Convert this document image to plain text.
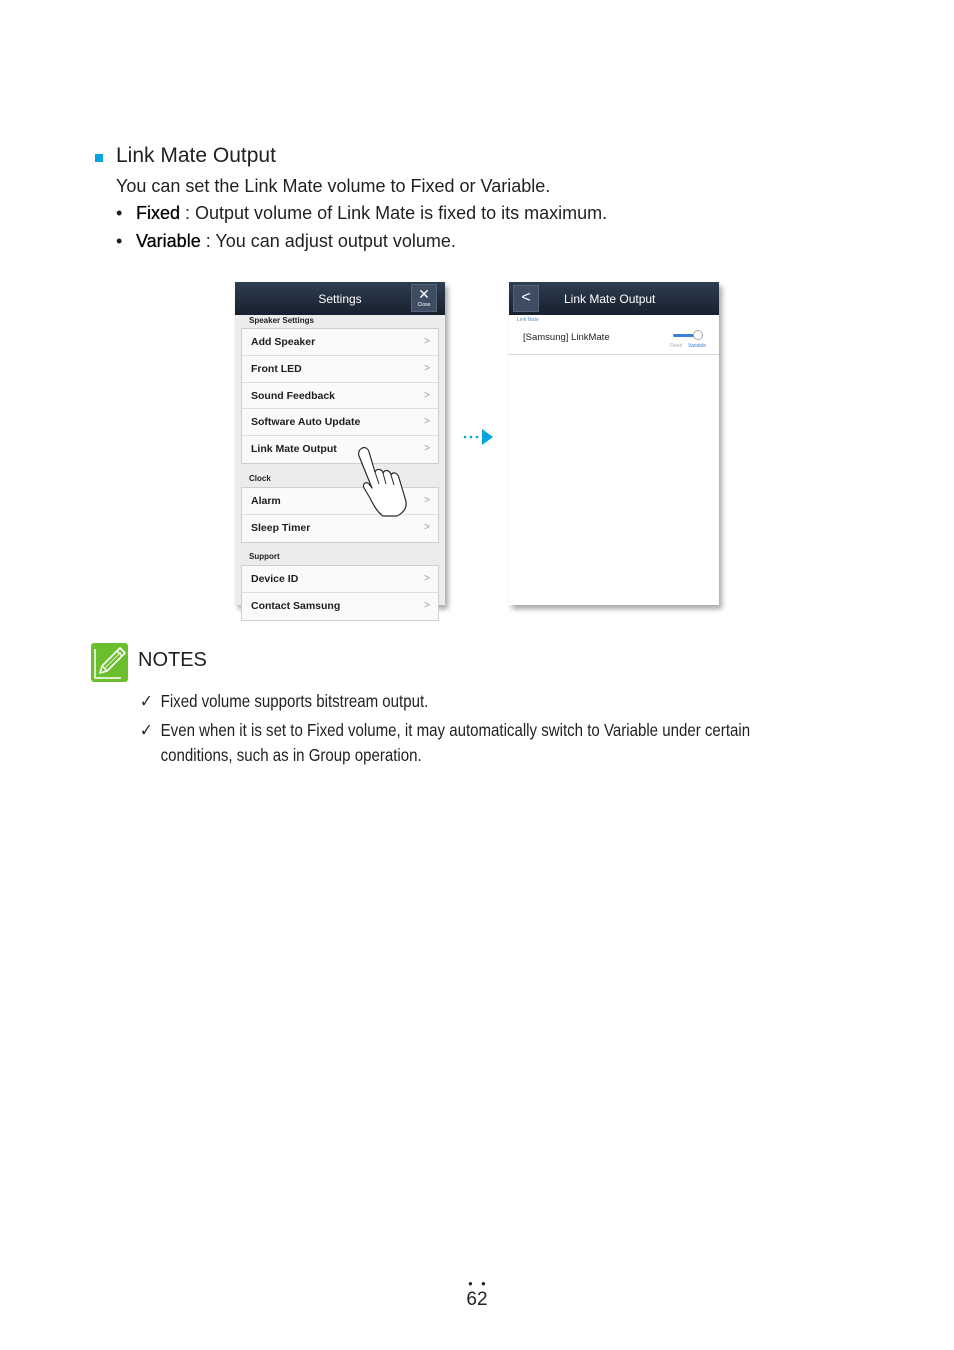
Link Mate Output
You can set the Link Mate volume to Fixed or Variable.
• Fixed : Output volume of Link Mate is fixed to its maximum.
• Variable : You can adjust output volume.
Settings	✕
Close
Speaker Settings
Add Speaker	>
Front LED	>
Sound Feedback	>
Software Auto Update	>
Link Mate Output	>
Clock
Alarm	>
Sleep Timer	>
Support
Device ID	>
Contact Samsung	>
<	Link Mate Output
Link Mate
[Samsung] LinkMate
Fixed Variable
NOTES
✓ Fixed volume supports bitstream output.
✓ Even when it is set to Fixed volume, it may automatically switch to Variable under certain conditions, such as in Group operation.
● ●
62
